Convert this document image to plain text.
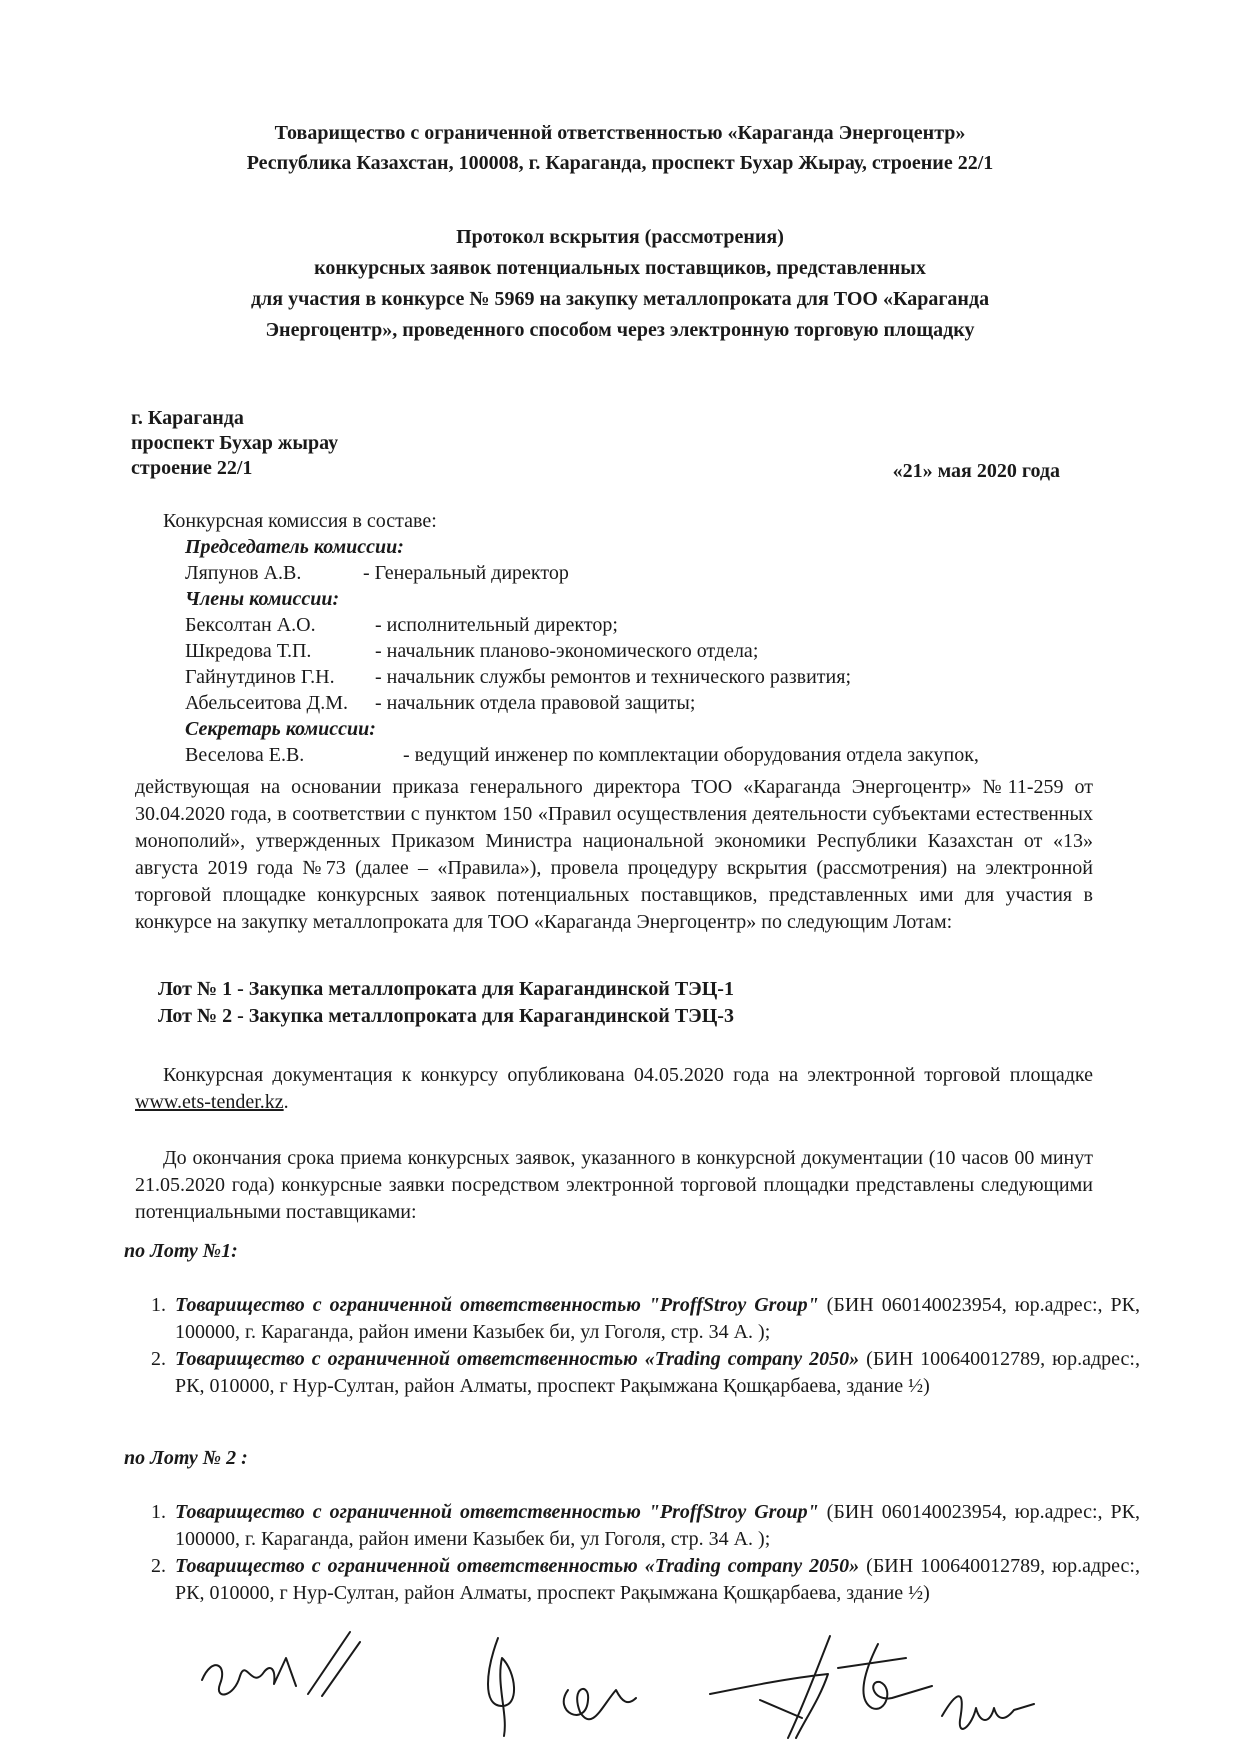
Товарищество с ограниченной ответственностью «Караганда Энергоцентр»
Республика Казахстан, 100008, г. Караганда, проспект Бухар Жырау, строение 22/1
Протокол вскрытия (рассмотрения)
конкурсных заявок потенциальных поставщиков, представленных
для участия в конкурсе № 5969 на закупку металлопроката для ТОО «Караганда
Энергоцентр», проведенного способом через электронную торговую площадку
г. Караганда
проспект Бухар жырау
строение 22/1	«21» мая 2020 года
Конкурсная комиссия в составе:
Председатель комиссии:
Ляпунов А.В.	- Генеральный директор
Члены комиссии:
Бексолтан А.О.	- исполнительный директор;
Шкредова Т.П.	- начальник планово-экономического отдела;
Гайнутдинов Г.Н. - начальник службы ремонтов и технического развития;
Абельсеитова Д.М. - начальник отдела правовой защиты;
Секретарь комиссии:
Веселова Е.В.	- ведущий инженер по комплектации оборудования отдела закупок,
действующая на основании приказа генерального директора ТОО «Караганда Энергоцентр» №11-259 от 30.04.2020 года, в соответствии с пунктом 150 «Правил осуществления деятельности субъектами естественных монополий», утвержденных Приказом Министра национальной экономики Республики Казахстан от «13» августа 2019 года №73 (далее – «Правила»), провела процедуру вскрытия (рассмотрения) на электронной торговой площадке конкурсных заявок потенциальных поставщиков, представленных ими для участия в конкурсе на закупку металлопроката для ТОО «Караганда Энергоцентр» по следующим Лотам:
Лот № 1 - Закупка металлопроката для Карагандинской ТЭЦ-1
Лот № 2 - Закупка металлопроката для Карагандинской ТЭЦ-3
Конкурсная документация к конкурсу опубликована 04.05.2020 года на электронной торговой площадке www.ets-tender.kz.
До окончания срока приема конкурсных заявок, указанного в конкурсной документации (10 часов 00 минут 21.05.2020 года) конкурсные заявки посредством электронной торговой площадки представлены следующими потенциальными поставщиками:
по Лоту №1:
1. Товарищество с ограниченной ответственностью "ProffStroy Group" (БИН 060140023954, юр.адрес:, РК, 100000, г. Караганда, район имени Казыбек би, ул Гоголя, стр. 34 А. );
2. Товарищество с ограниченной ответственностью «Trading company 2050» (БИН 100640012789, юр.адрес:, РК, 010000, г Нур-Султан, район Алматы, проспект Рақымжана Қошқарбаева, здание ½)
по Лоту № 2 :
1. Товарищество с ограниченной ответственностью "ProffStroy Group" (БИН 060140023954, юр.адрес:, РК, 100000, г. Караганда, район имени Казыбек би, ул Гоголя, стр. 34 А. );
2. Товарищество с ограниченной ответственностью «Trading company 2050» (БИН 100640012789, юр.адрес:, РК, 010000, г Нур-Султан, район Алматы, проспект Рақымжана Қошқарбаева, здание ½)
